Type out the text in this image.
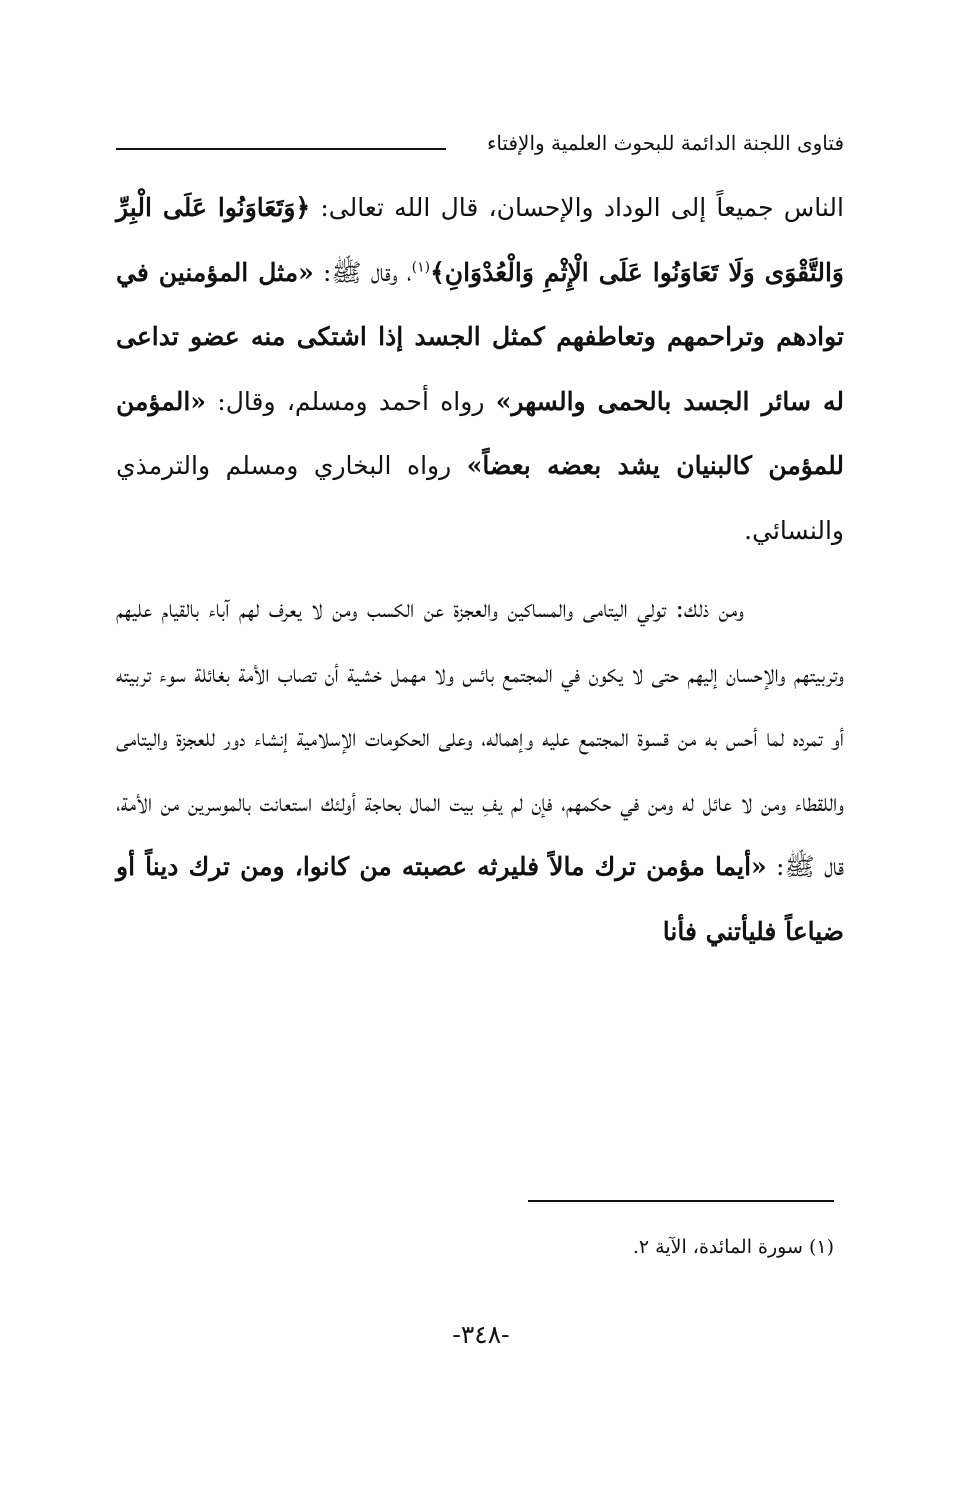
فتاوى اللجنة الدائمة للبحوث العلمية والإفتاء

الناس جميعاً إلى الوداد والإحسان، قال الله تعالى: ﴿وَتَعَاوَنُوا عَلَى الْبِرِّ وَالتَّقْوَى وَلَا تَعَاوَنُوا عَلَى الْإِثْمِ وَالْعُدْوَانِ﴾$^{(١)}$، وقال ﷺ: «مثل المؤمنين في توادهم وتراحمهم وتعاطفهم كمثل الجسد إذا اشتكى منه عضو تداعى له سائر الجسد بالحمى والسهر» رواه أحمد ومسلم، وقال: «المؤمن للمؤمن كالبنيان يشد بعضه بعضاً» رواه البخاري ومسلم والترمذي والنسائي.

ومن ذلك: تولي اليتامى والمساكين والعجزة عن الكسب ومن لا يعرف لهم آباء بالقيام عليهم وتربيتهم والإحسان إليهم حتى لا يكون في المجتمع بائس ولا مهمل خشية أن تصاب الأمة بغائلة سوء تربيته أو تمرده لما أحس به من قسوة المجتمع عليه وإهماله، وعلى الحكومات الإسلامية إنشاء دور للعجزة واليتامى واللقطاء ومن لا عائل له ومن في حكمهم، فإن لم يفِ بيت المال بحاجة أولئك استعانت بالموسرين من الأمة، قال ﷺ: «أيما مؤمن ترك مالاً فليرثه عصبته من كانوا، ومن ترك ديناً أو ضياعاً فليأتني فأنا

(١) سورة المائدة، الآية ٢.
-٣٤٨-
